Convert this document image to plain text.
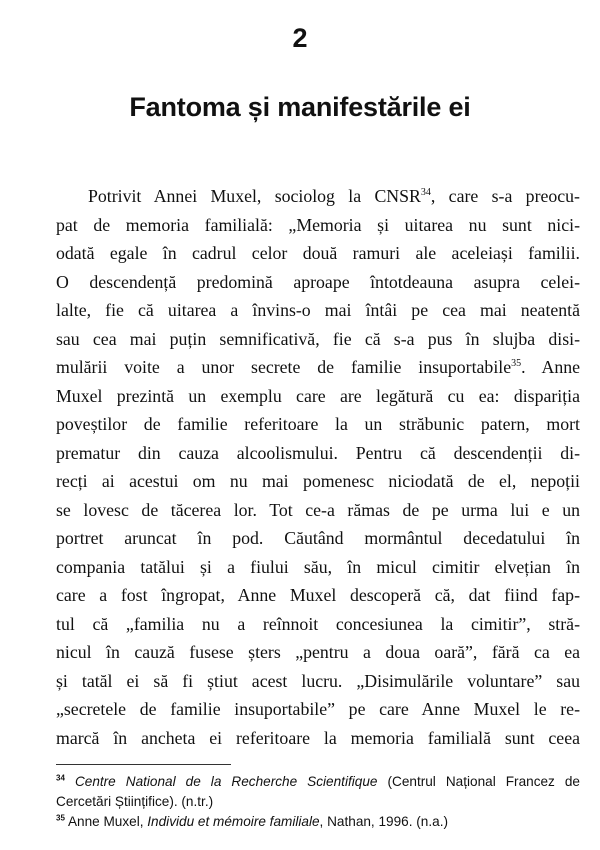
2
Fantoma și manifestările ei
Potrivit Annei Muxel, sociolog la CNSR$^{34}$, care s-a preocu-
pat de memoria familială: „Memoria și uitarea nu sunt nici-
odată egale în cadrul celor două ramuri ale aceleiași familii.
O descendență predomină aproape întotdeauna asupra celei-
lalte, fie că uitarea a învins-o mai întâi pe cea mai neatentă
sau cea mai puțin semnificativă, fie că s-a pus în slujba disi-
mulării voite a unor secrete de familie insuportabile$^{35}$. Anne
Muxel prezintă un exemplu care are legătură cu ea: dispariția
poveștilor de familie referitoare la un străbunic patern, mort
prematur din cauza alcoolismului. Pentru că descendenții di-
recți ai acestui om nu mai pomenesc niciodată de el, nepoții
se lovesc de tăcerea lor. Tot ce-a rămas de pe urma lui e un
portret aruncat în pod. Căutând mormântul decedatului în
compania tatălui și a fiului său, în micul cimitir elvețian în
care a fost îngropat, Anne Muxel descoperă că, dat fiind fap-
tul că „familia nu a reînnoit concesiunea la cimitir”, stră-
nicul în cauză fusese șters „pentru a doua oară”, fără ca ea
și tatăl ei să fi știut acest lucru. „Disimulările voluntare” sau
„secretele de familie insuportabile” pe care Anne Muxel le re-
marcă în ancheta ei referitoare la memoria familială sunt ceea
$^{34}$ Centre National de la Recherche Scientifique (Centrul Național Francez de
Cercetări Științifice). (n.tr.)
$^{35}$ Anne Muxel, Individu et mémoire familiale, Nathan, 1996. (n.a.)
